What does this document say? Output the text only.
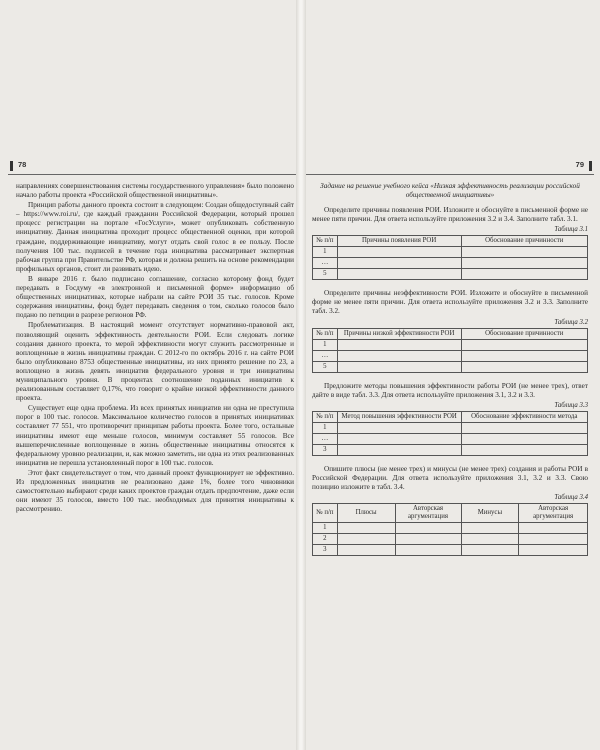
78

направлениях совершенствования системы государственного управления» было положено начало работы проекта «Российской общественной инициативы».

Принцип работы данного проекта состоит в следующем: Создан общедоступный сайт – https://www.roi.ru/, где каждый гражданин Российской Федерации, который прошел процесс регистрации на портале «ГосУслуги», может опубликовать собственную инициативу. Данная инициатива проходит процесс общественной оценки, при которой гражданe, поддерживающие инициативу, могут отдать свой голос в ее пользу. После получения 100 тыс. подписей в течение года инициатива рассматривает экспертная рабочая группа при Правительстве РФ, которая и должна решить на основе рекомендации профильных органов, стоит ли развивать идею.

В январе 2016 г. было подписано соглашение, согласно которому фонд будет передавать в Госдуму «в электронной и письменной форме» информацию об общественных инициативах, которые набрали на сайте РОИ 35 тыс. голосов. Кроме содержания инициативы, фонд будет передавать сведения о том, сколько голосов было подано по петиции в разрезе регионов РФ.

Проблематизация. В настоящий момент отсутствует нормативно-правовой акт, позволяющий оценить эффективность деятельности РОИ. Если следовать логике создания данного проекта, то мерой эффективности могут служить рассмотренные и воплощенные в жизнь инициативы граждан. С 2012-го по октябрь 2016 г. на сайте РОИ было опубликовано 8753 общественные инициативы, из них принято решение по 23, а воплощено в жизнь девять инициатив федерального уровня и три инициативы муниципального уровня. В процентах соотношение поданных инициатив к реализованным составляет 0,17%, что говорит о крайне низкой эффективности данного проекта.

Существует еще одна проблема. Из всех принятых инициатив ни одна не преступила порог в 100 тыс. голосов. Максимальное количество голосов в принятых инициативах составляет 77 551, что противоречит принципам работы проекта. Более того, остальные инициативы имеют еще меньше голосов, минимум составляет 55 голосов. Все вышеперечисленные воплощенные в жизнь общественные инициативы относятся к федеральному уровню реализации, и, как можно заметить, ни одна из этих реализованных инициатив не перешла установленный порог в 100 тыс. голосов.

Этот факт свидетельствует о том, что данный проект функционирует не эффективно. Из предложенных инициатив не реализовано даже 1%, более того чиновники самостоятельно выбирают среди каких проектов граждан отдать предпочтение, даже если они имеют 35 голосов, вместо 100 тыс. необходимых для принятия инициативы к рассмотрению.

79
Задание на решение учебного кейса «Низкая эффективность реализации российской общественной инициативы»

Определите причины появления РОИ. Изложите и обоснуйте в письменной форме не менее пяти причин. Для ответа используйте приложения 3.2 и 3.4. Заполните табл. 3.1.

Таблица 3.1
№ п/п	Причины появления РОИ	Обоснование причинности
1		
…		
5		

Определите причины неэффективности РОИ. Изложите и обоснуйте в письменной форме не менее пяти причин. Для ответа используйте приложения 3.2 и 3.3. Заполните табл. 3.2.

Таблица 3.2
№ п/п	Причины низкой эффективности РОИ	Обоснование причинности
1		
…		
5		

Предложите методы повышения эффективности работы РОИ (не менее трех), ответ дайте в виде табл. 3.3. Для ответа используйте приложения 3.1, 3.2 и 3.3.

Таблица 3.3
№ п/п	Метод повышения эффективности РОИ	Обоснование эффективности метода
1		
…		
3		

Опишите плюсы (не менее трех) и минусы (не менее трех) создания и работы РОИ в Российской Федерации. Для ответа используйте приложения 3.1, 3.2 и 3.3. Свою позицию изложите в табл. 3.4.

Таблица 3.4
№ п/п	Плюсы	Авторская аргументация	Минусы	Авторская аргументация
1				
2				
3				
